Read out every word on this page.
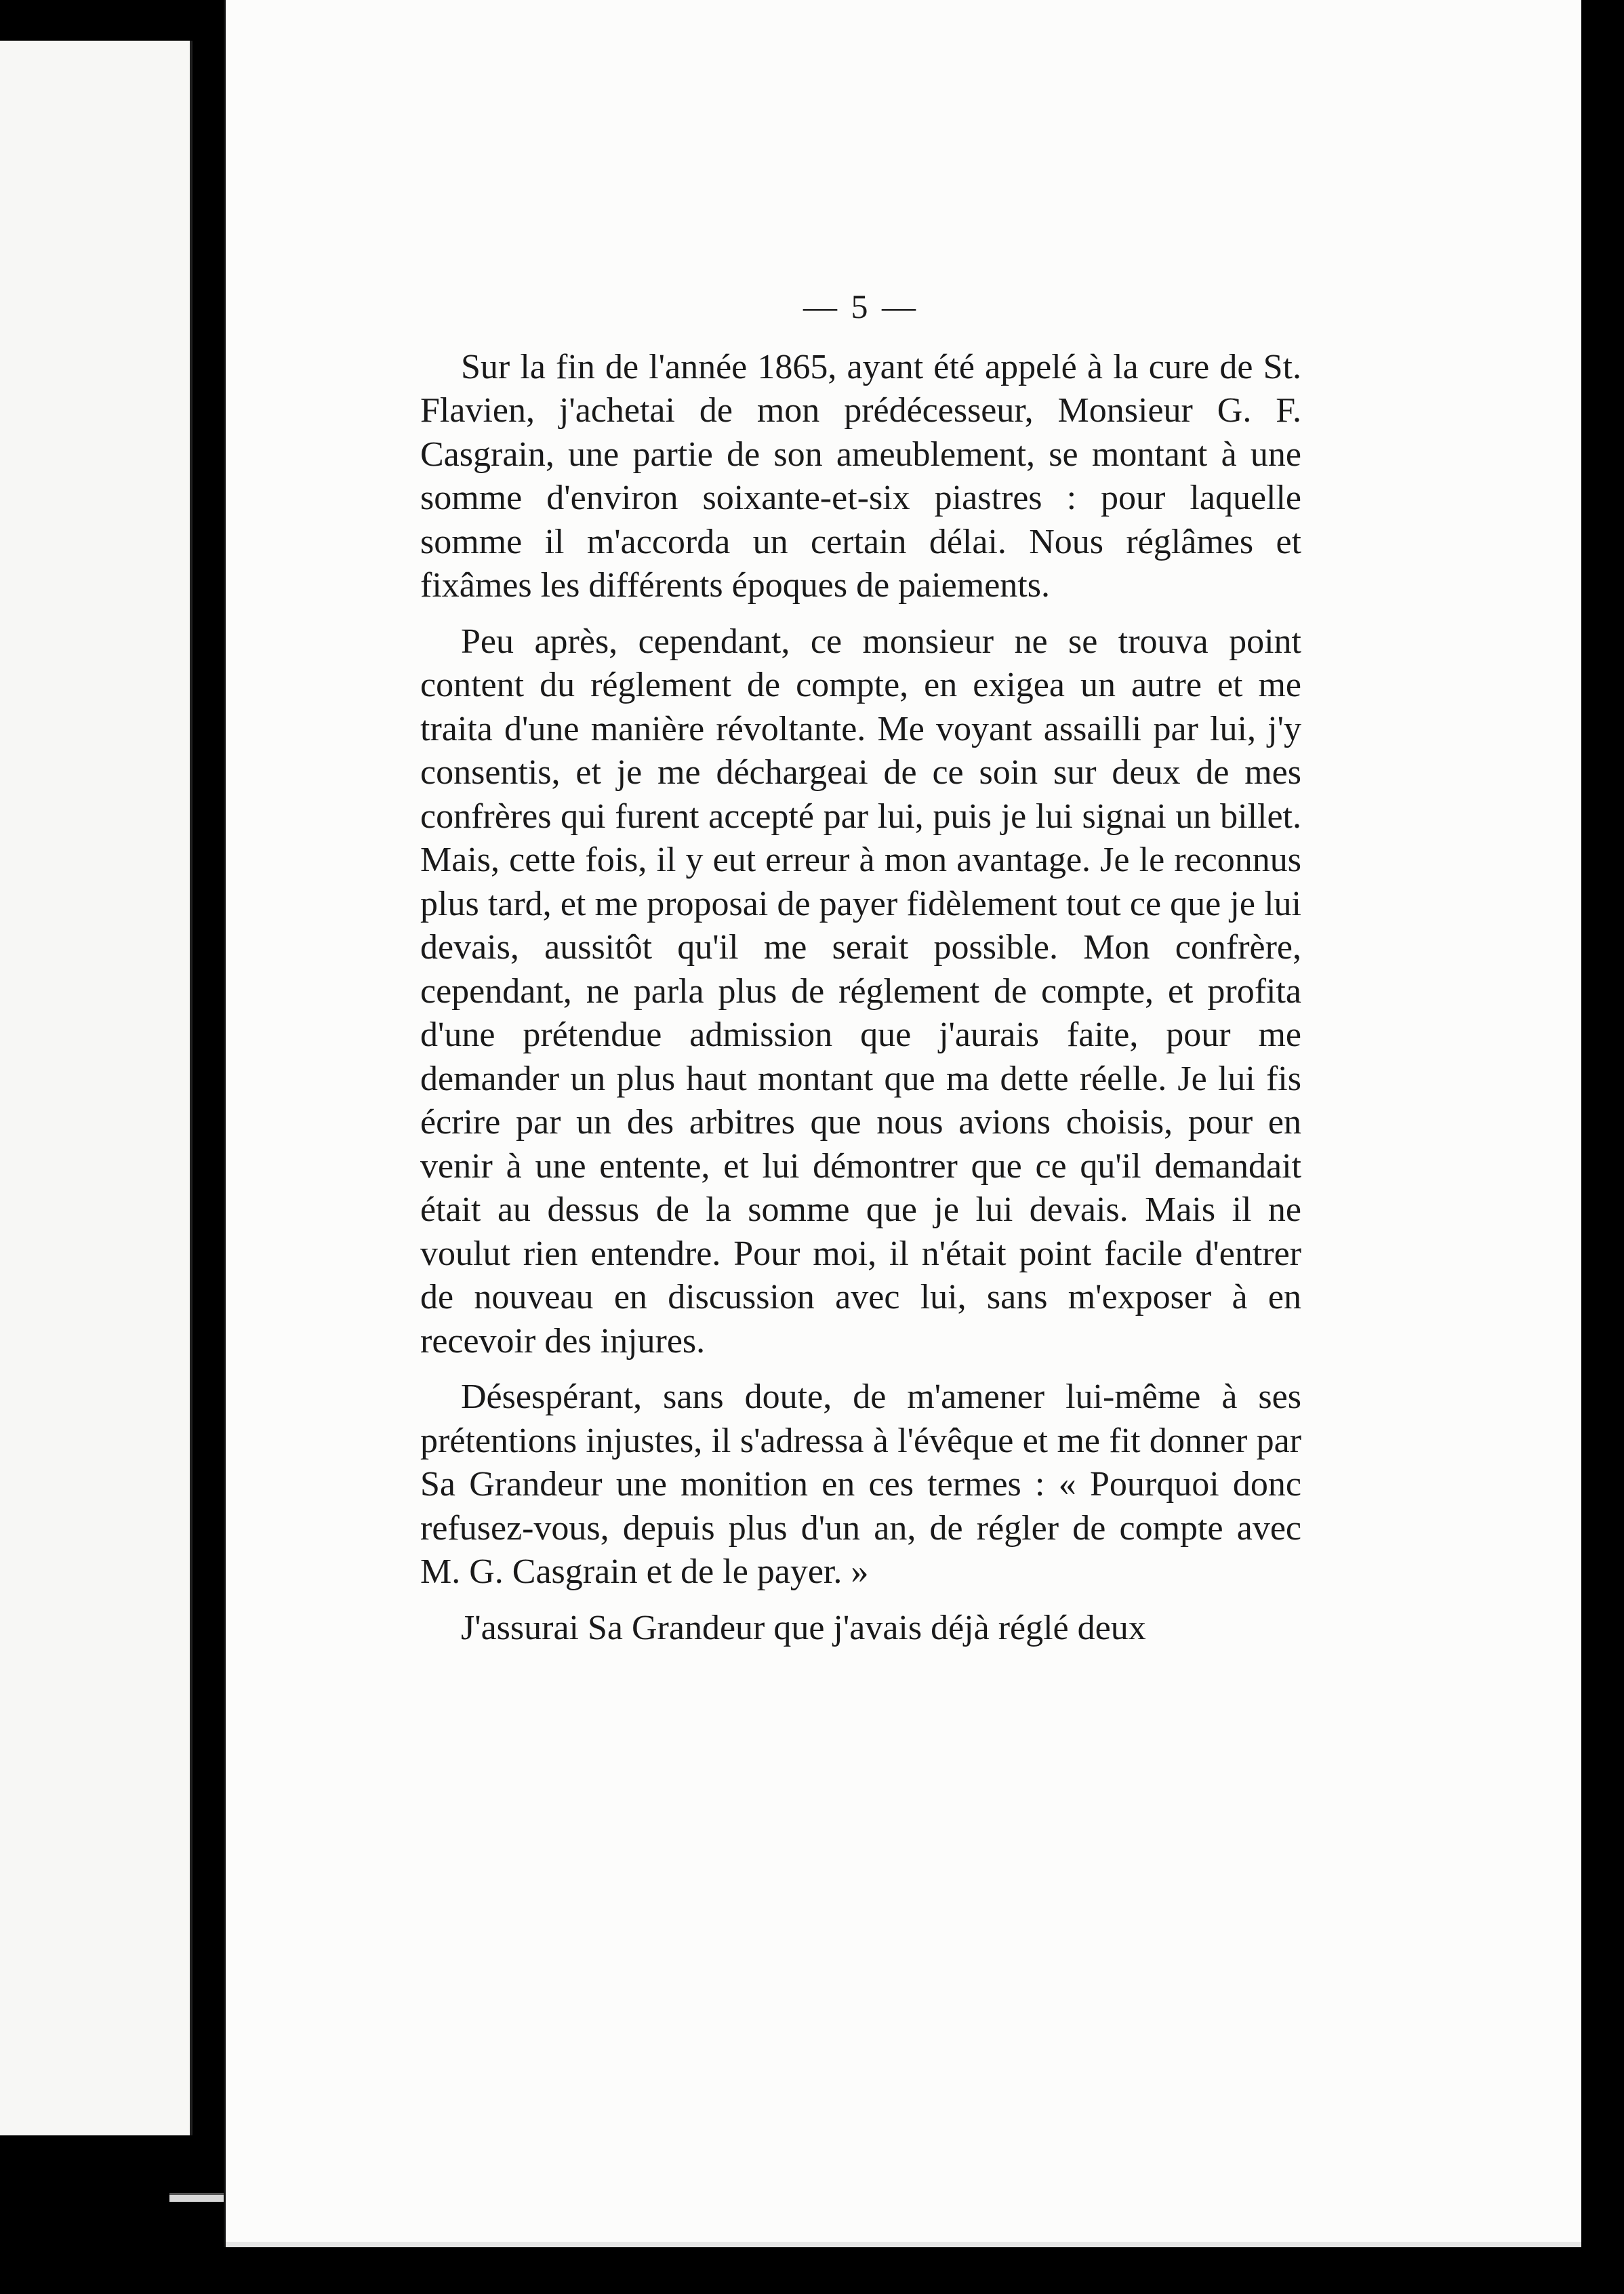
— 5 —

Sur la fin de l'année 1865, ayant été appelé à la cure de St. Flavien, j'achetai de mon prédécesseur, Monsieur G. F. Casgrain, une partie de son ameublement, se montant à une somme d'environ soixante-et-six piastres : pour laquelle somme il m'accorda un certain délai. Nous réglâmes et fixâmes les différents époques de paiements.

Peu après, cependant, ce monsieur ne se trouva point content du réglement de compte, en exigea un autre et me traita d'une manière révoltante. Me voyant assailli par lui, j'y consentis, et je me déchargeai de ce soin sur deux de mes confrères qui furent accepté par lui, puis je lui signai un billet. Mais, cette fois, il y eut erreur à mon avantage. Je le reconnus plus tard, et me proposai de payer fidèlement tout ce que je lui devais, aussitôt qu'il me serait possible. Mon confrère, cependant, ne parla plus de réglement de compte, et profita d'une prétendue admission que j'aurais faite, pour me demander un plus haut montant que ma dette réelle. Je lui fis écrire par un des arbitres que nous avions choisis, pour en venir à une entente, et lui démontrer que ce qu'il demandait était au dessus de la somme que je lui devais. Mais il ne voulut rien entendre. Pour moi, il n'était point facile d'entrer de nouveau en discussion avec lui, sans m'exposer à en recevoir des injures.

Désespérant, sans doute, de m'amener lui-même à ses prétentions injustes, il s'adressa à l'évêque et me fit donner par Sa Grandeur une monition en ces termes : « Pourquoi donc refusez-vous, depuis plus d'un an, de régler de compte avec M. G. Casgrain et de le payer. »

J'assurai Sa Grandeur que j'avais déjà réglé deux
